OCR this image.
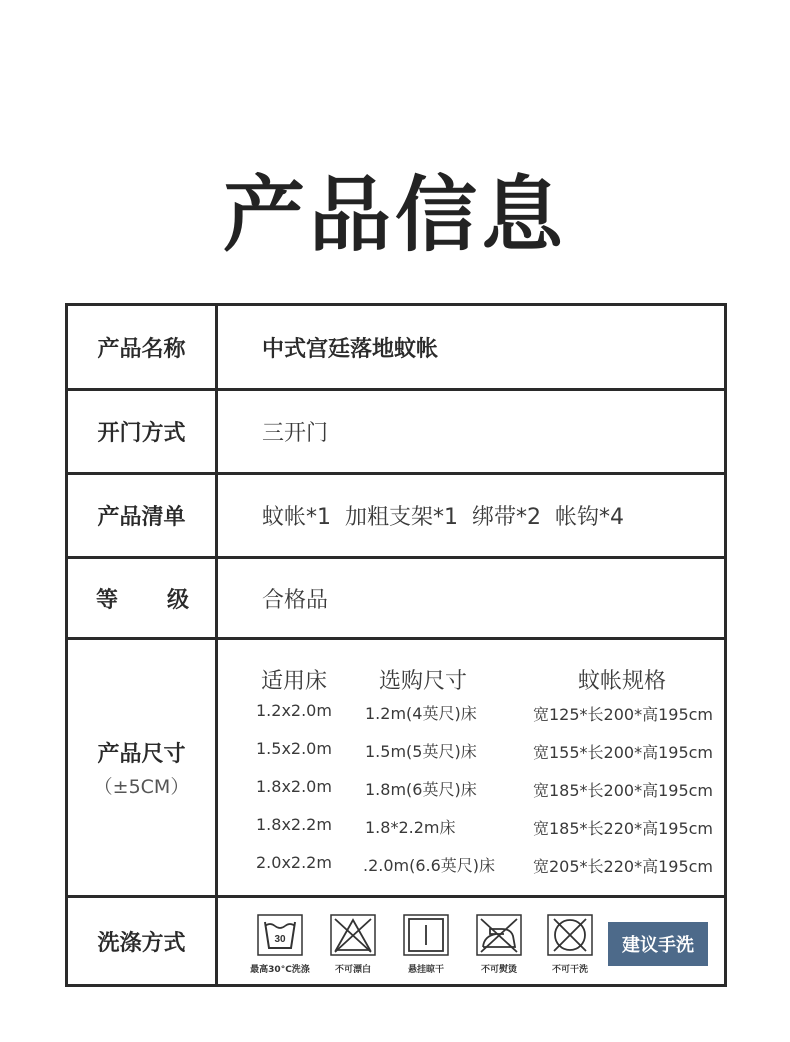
产品信息
产品名称	中式宫廷落地蚊帐
开门方式	三开门
产品清单	蚊帐*1  加粗支架*1  绑带*2  帐钩*4
等 级	合格品
产品尺寸
（±5CM）
适用床 选购尺寸	蚊帐规格
1.2x2.0m 1.2m(4英尺)床	宽125*长200*高195cm
1.5x2.0m 1.5m(5英尺)床	宽155*长200*高195cm
1.8x2.0m 1.8m(6英尺)床	宽185*长200*高195cm
1.8x2.2m 1.8*2.2m床	宽185*长220*高195cm
2.0x2.2m .2.0m(6.6英尺)床 宽205*长220*高195cm
洗涤方式	30
最高30°C洗涤	不可漂白	悬挂晾干	不可熨烫	不可干洗
建议手洗
